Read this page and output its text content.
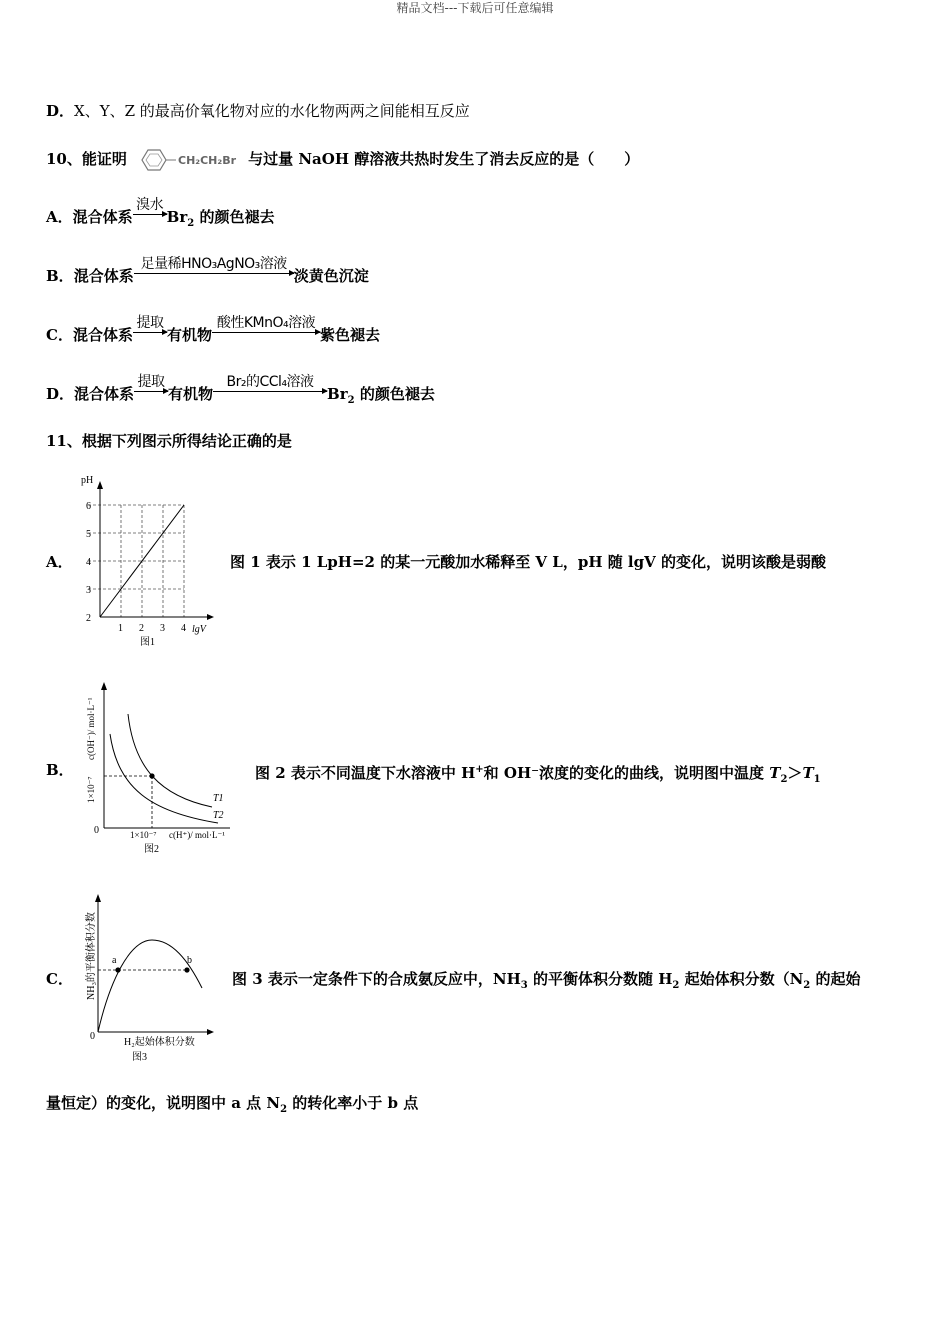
精品文档---下载后可任意编辑
D．X、Y、Z 的最高价氧化物对应的水化物两两之间能相互反应
10、能证明	CH₂CH₂Br 与过量 NaOH 醇溶液共热时发生了消去反应的是（　　）
A．混合体系
溴水
$Br_2$ 的颜色褪去
B．混合体系
足量稀HNO₃AgNO₃溶液
淡黄色沉淀
C．混合体系
提取
有机物
酸性KMnO₄溶液
紫色褪去
D．混合体系
提取
有机物
Br₂的CCl₄溶液
$Br_2$ 的颜色褪去
11、根据下列图示所得结论正确的是
A．	图 1 表示 1 LpH=2 的某一元酸加水稀释至 V L，pH 随 lgV 的变化，说明该酸是弱酸
pH
lgV
2
3
4
5
6
1 2 3 4
图1
B．	图 2 表示不同温度下水溶液中 H+和 OH⁻浓度的变化的曲线，说明图中温度 $T_2>T_1$
T1
T2
0	1×10⁻⁷ c(H⁺)/ mol·L⁻¹
1×10⁻⁷
c(OH⁻)/ mol·L⁻¹
图2
C．	图 3 表示一定条件下的合成氨反应中，$NH_3$ 的平衡体积分数随 $H_2$ 起始体积分数（$N_2$ 的起始
a	b
0
H₂起始体积分数
NH₃的平衡体积分数
图3
量恒定）的变化，说明图中 a 点 $N_2$ 的转化率小于 b 点
